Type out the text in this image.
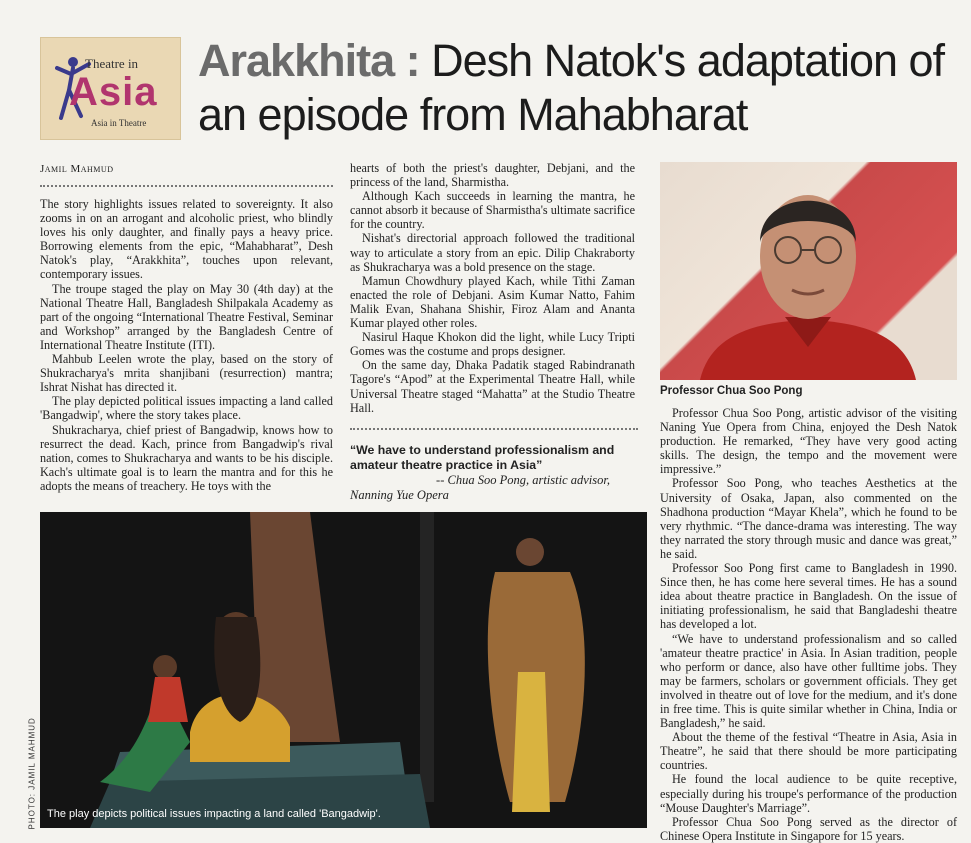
Theatre in
Asia
Asia in Theatre
Arakkhita : Desh Natok's adaptation of an episode from Mahabharat
Jamil Mahmud

The story highlights issues related to sovereignty. It also zooms in on an arrogant and alcoholic priest, who blindly loves his only daughter, and finally pays a heavy price. Borrowing elements from the epic, “Mahabharat”, Desh Natok's play, “Arakkhita”, touches upon relevant, contemporary issues.

The troupe staged the play on May 30 (4th day) at the National Theatre Hall, Bangladesh Shilpakala Academy as part of the ongoing “International Theatre Festival, Seminar and Workshop” arranged by the Bangladesh Centre of International Theatre Institute (ITI).

Mahbub Leelen wrote the play, based on the story of Shukracharya's mrita shanjibani (resurrection) mantra; Ishrat Nishat has directed it.

The play depicted political issues impacting a land called 'Bangadwip', where the story takes place.

Shukracharya, chief priest of Bangadwip, knows how to resurrect the dead. Kach, prince from Bangadwip's rival nation, comes to Shukracharya and wants to be his disciple. Kach's ultimate goal is to learn the mantra and for this he adopts the means of treachery. He toys with the

hearts of both the priest's daughter, Debjani, and the princess of the land, Sharmistha.

Although Kach succeeds in learning the mantra, he cannot absorb it because of Sharmistha's ultimate sacrifice for the country.

Nishat's directorial approach followed the traditional way to articulate a story from an epic. Dilip Chakraborty as Shukracharya was a bold presence on the stage.

Mamun Chowdhury played Kach, while Tithi Zaman enacted the role of Debjani. Asim Kumar Natto, Fahim Malik Evan, Shahana Shishir, Firoz Alam and Ananta Kumar played other roles.

Nasirul Haque Khokon did the light, while Lucy Tripti Gomes was the costume and props designer.

On the same day, Dhaka Padatik staged Rabindranath Tagore's “Apod” at the Experimental Theatre Hall, while Universal Theatre staged “Mahatta” at the Studio Theatre Hall.

“We have to understand professionalism and amateur theatre practice in Asia”
-- Chua Soo Pong, artistic advisor,
Nanning Yue Opera
Professor Chua Soo Pong

Professor Chua Soo Pong, artistic advisor of the visiting Naning Yue Opera from China, enjoyed the Desh Natok production. He remarked, “They have very good acting skills. The design, the tempo and the movement were impressive.”

Professor Soo Pong, who teaches Aesthetics at the University of Osaka, Japan, also commented on the Shadhona production “Mayar Khela”, which he found to be very rhythmic. “The dance-drama was interesting. The way they narrated the story through music and dance was great,” he said.

Professor Soo Pong first came to Bangladesh in 1990. Since then, he has come here several times. He has a sound idea about theatre practice in Bangladesh. On the issue of initiating professionalism, he said that Bangladeshi theatre has developed a lot.

“We have to understand professionalism and so called 'amateur theatre practice' in Asia. In Asian tradition, people who perform or dance, also have other fulltime jobs. They may be farmers, scholars or government officials. They get involved in theatre out of love for the medium, and it's done in free time. This is quite similar whether in China, India or Bangladesh,” he said.

About the theme of the festival “Theatre in Asia, Asia in Theatre”, he said that there should be more participating countries.

He found the local audience to be quite receptive, especially during his troupe's performance of the production “Mouse Daughter's Marriage”.

Professor Chua Soo Pong served as the director of Chinese Opera Institute in Singapore for 15 years.

PHOTO: JAMIL MAHMUD The play depicts political issues impacting a land called 'Bangadwip'.
